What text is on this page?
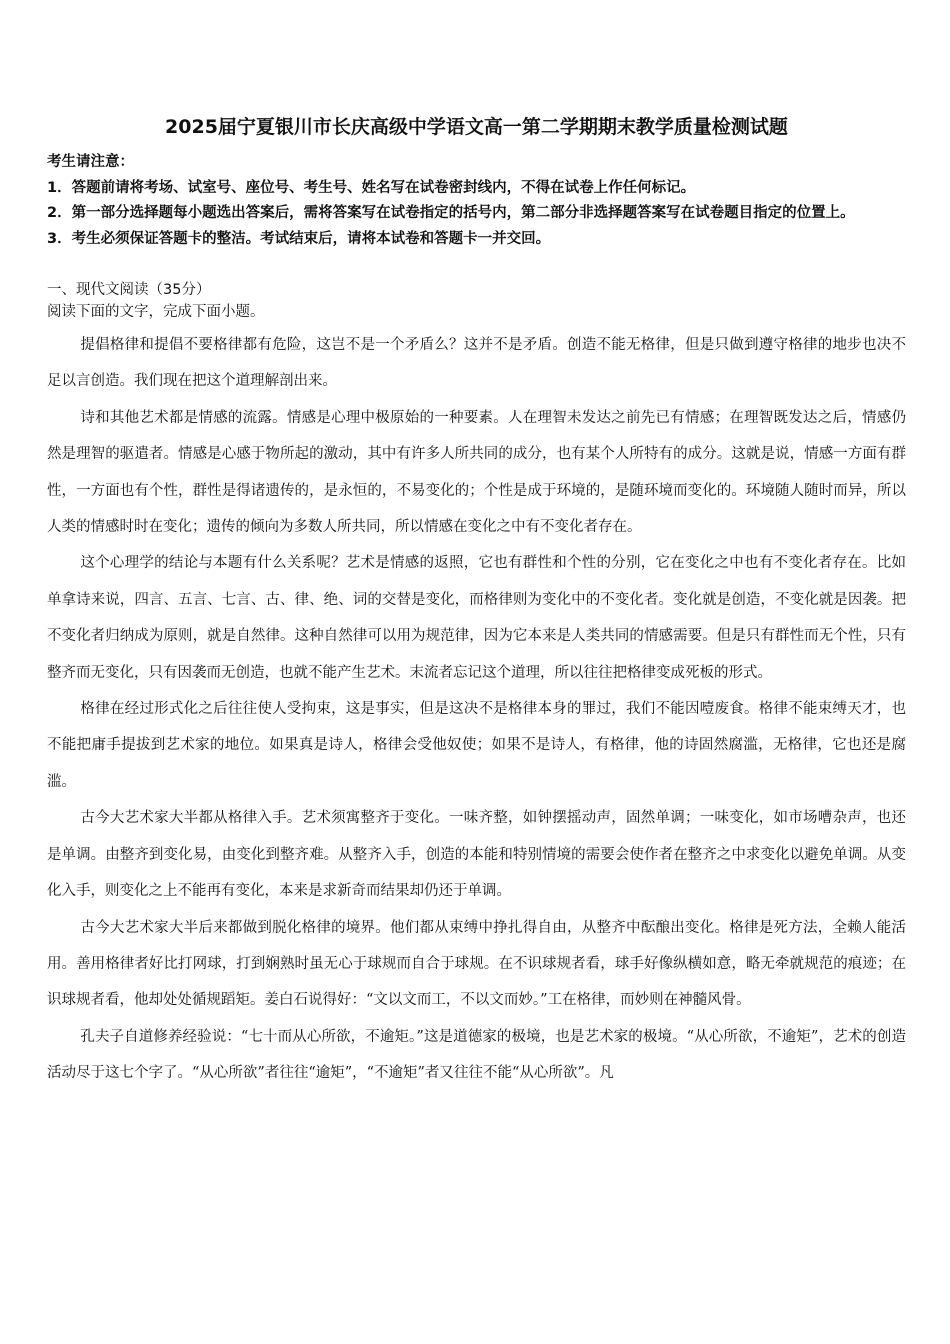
2025届宁夏银川市长庆高级中学语文高一第二学期期末教学质量检测试题

考生请注意：

1．答题前请将考场、试室号、座位号、考生号、姓名写在试卷密封线内，不得在试卷上作任何标记。

2．第一部分选择题每小题选出答案后，需将答案写在试卷指定的括号内，第二部分非选择题答案写在试卷题目指定的位置上。

3．考生必须保证答题卡的整洁。考试结束后，请将本试卷和答题卡一并交回。

一、现代文阅读（35分）
阅读下面的文字，完成下面小题。

提倡格律和提倡不要格律都有危险，这岂不是一个矛盾么？这并不是矛盾。创造不能无格律，但是只做到遵守格律的地步也决不足以言创造。我们现在把这个道理解剖出来。

诗和其他艺术都是情感的流露。情感是心理中极原始的一种要素。人在理智未发达之前先已有情感；在理智既发达之后，情感仍然是理智的驱遣者。情感是心感于物所起的激动，其中有许多人所共同的成分，也有某个人所特有的成分。这就是说，情感一方面有群性，一方面也有个性，群性是得诸遗传的，是永恒的，不易变化的；个性是成于环境的，是随环境而变化的。环境随人随时而异，所以人类的情感时时在变化；遗传的倾向为多数人所共同，所以情感在变化之中有不变化者存在。

这个心理学的结论与本题有什么关系呢？艺术是情感的返照，它也有群性和个性的分别，它在变化之中也有不变化者存在。比如单拿诗来说，四言、五言、七言、古、律、绝、词的交替是变化，而格律则为变化中的不变化者。变化就是创造，不变化就是因袭。把不变化者归纳成为原则，就是自然律。这种自然律可以用为规范律，因为它本来是人类共同的情感需要。但是只有群性而无个性，只有整齐而无变化，只有因袭而无创造，也就不能产生艺术。末流者忘记这个道理，所以往往把格律变成死板的形式。

格律在经过形式化之后往往使人受拘束，这是事实，但是这决不是格律本身的罪过，我们不能因噎废食。格律不能束缚天才，也不能把庸手提拔到艺术家的地位。如果真是诗人，格律会受他奴使；如果不是诗人，有格律，他的诗固然腐滥，无格律，它也还是腐滥。

古今大艺术家大半都从格律入手。艺术须寓整齐于变化。一味齐整，如钟摆摇动声，固然单调；一味变化，如市场嘈杂声，也还是单调。由整齐到变化易，由变化到整齐难。从整齐入手，创造的本能和特别情境的需要会使作者在整齐之中求变化以避免单调。从变化入手，则变化之上不能再有变化，本来是求新奇而结果却仍还于单调。

古今大艺术家大半后来都做到脱化格律的境界。他们都从束缚中挣扎得自由，从整齐中酝酿出变化。格律是死方法，全赖人能活用。善用格律者好比打网球，打到娴熟时虽无心于球规而自合于球规。在不识球规者看，球手好像纵横如意，略无牵就规范的痕迹；在识球规者看，他却处处循规蹈矩。姜白石说得好：“文以文而工，不以文而妙。”工在格律，而妙则在神髓风骨。

孔夫子自道修养经验说：“七十而从心所欲，不逾矩。”这是道德家的极境，也是艺术家的极境。“从心所欲，不逾矩”，艺术的创造活动尽于这七个字了。“从心所欲”者往往“逾矩”，“不逾矩”者又往往不能“从心所欲”。凡
